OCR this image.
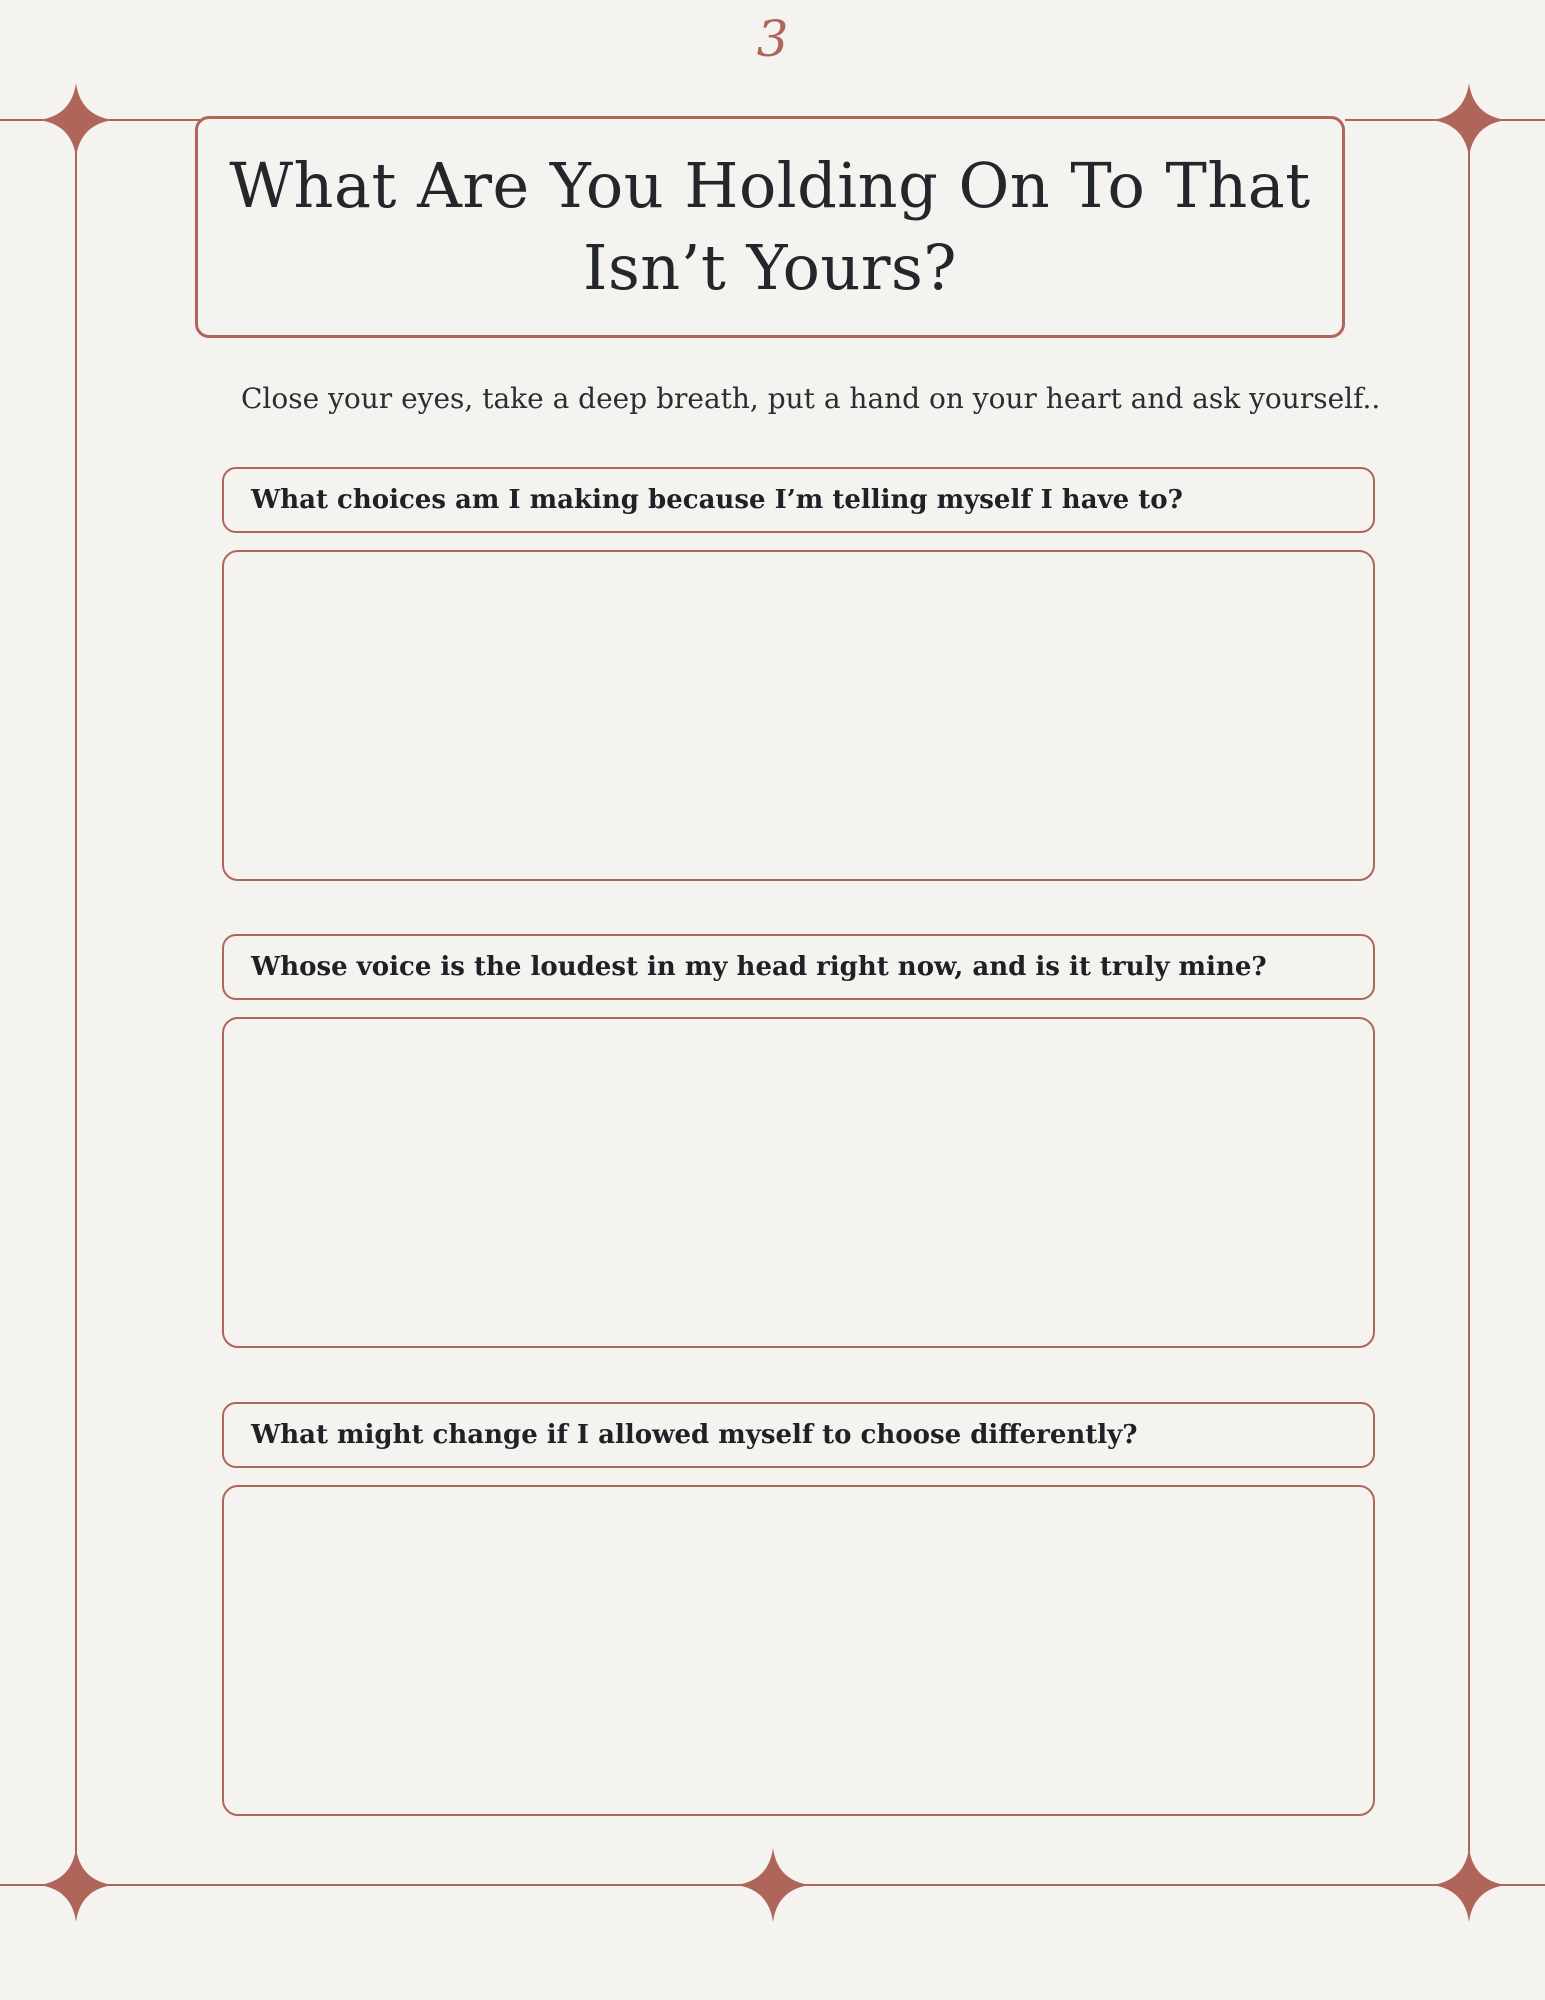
3
What Are You Holding On To That Isn’t Yours?
Close your eyes, take a deep breath, put a hand on your heart and ask yourself..
What choices am I making because I’m telling myself I have to?
Whose voice is the loudest in my head right now, and is it truly mine?
What might change if I allowed myself to choose differently?
